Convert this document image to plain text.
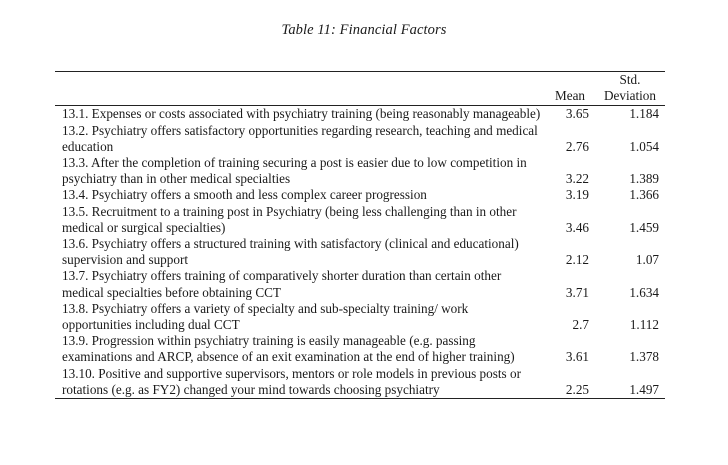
Table 11: Financial Factors
	Mean	Std.
Deviation
13.1. Expenses or costs associated with psychiatry training (being reasonably manageable)	3.65	1.184
13.2. Psychiatry offers satisfactory opportunities regarding research, teaching and medical education	2.76	1.054
13.3. After the completion of training securing a post is easier due to low competition in psychiatry than in other medical specialties	3.22	1.389
13.4. Psychiatry offers a smooth and less complex career progression	3.19	1.366
13.5. Recruitment to a training post in Psychiatry (being less challenging than in other medical or surgical specialties)	3.46	1.459
13.6. Psychiatry offers a structured training with satisfactory (clinical and educational) supervision and support	2.12	1.07
13.7. Psychiatry offers training of comparatively shorter duration than certain other medical specialties before obtaining CCT	3.71	1.634
13.8. Psychiatry offers a variety of specialty and sub-specialty training/ work opportunities including dual CCT	2.7	1.112
13.9. Progression within psychiatry training is easily manageable (e.g. passing examinations and ARCP, absence of an exit examination at the end of higher training)	3.61	1.378
13.10. Positive and supportive supervisors, mentors or role models in previous posts or rotations (e.g. as FY2) changed your mind towards choosing psychiatry	2.25	1.497
